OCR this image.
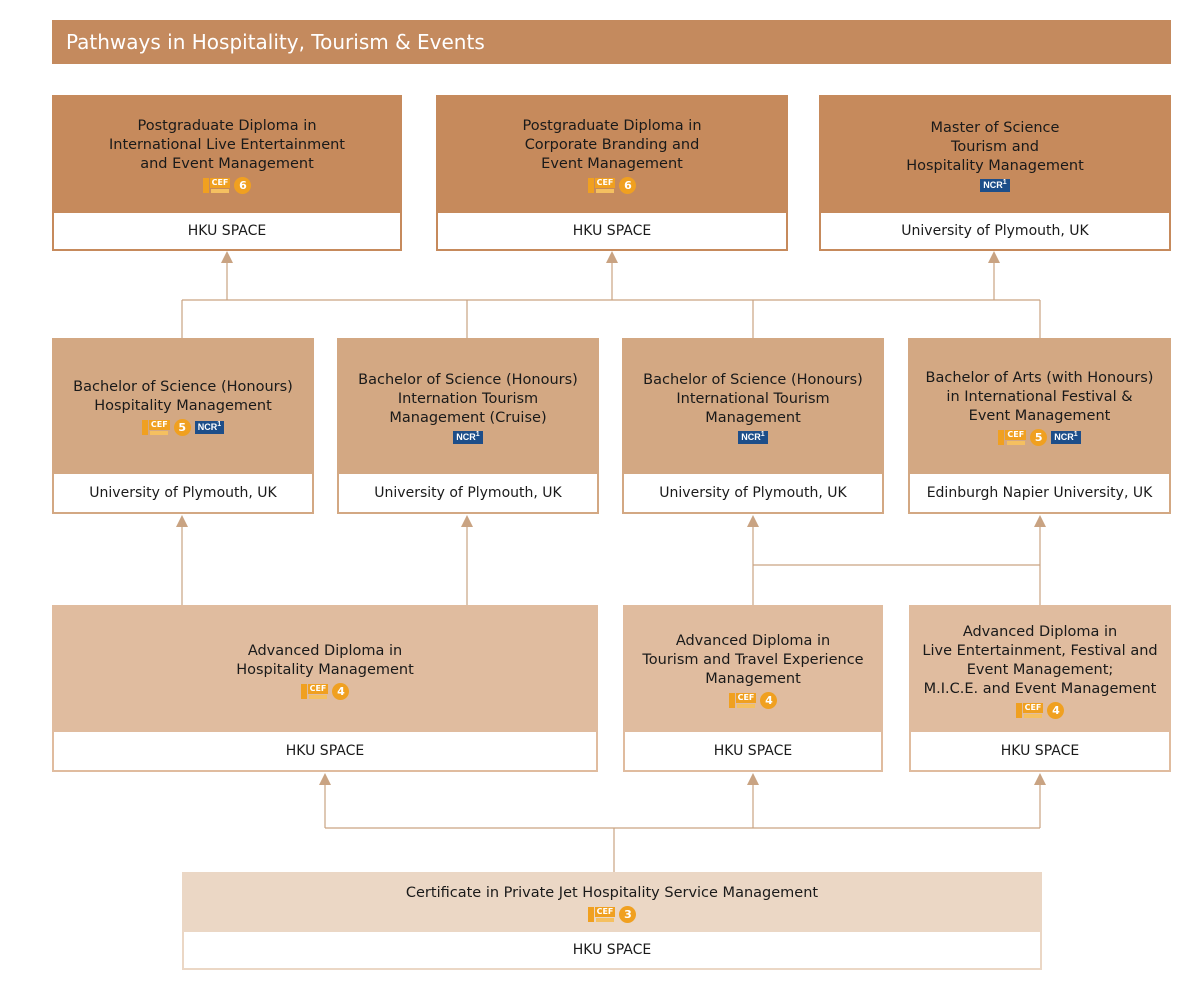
Pathways in Hospitality, Tourism & Events
Postgraduate Diploma in
International Live Entertainment
and Event Management
CEF 6
HKU SPACE
Postgraduate Diploma in
Corporate Branding and
Event Management
CEF 6
HKU SPACE
Master of Science
Tourism and
Hospitality Management
NCR$^1$
University of Plymouth, UK
Bachelor of Science (Honours)
Hospitality Management
CEF 5	NCR$^1$
University of Plymouth, UK
Bachelor of Science (Honours)
Internation Tourism
Management (Cruise)
NCR$^1$
University of Plymouth, UK
Bachelor of Science (Honours)
International Tourism
Management
NCR$^1$
University of Plymouth, UK
Bachelor of Arts (with Honours)
in International Festival &
Event Management
CEF 5	NCR$^1$
Edinburgh Napier University, UK
Advanced Diploma in
Hospitality Management
CEF 4
HKU SPACE
Advanced Diploma in
Tourism and Travel Experience
Management
CEF 4
HKU SPACE
Advanced Diploma in
Live Entertainment, Festival and
Event Management;
M.I.C.E. and Event Management
CEF 4
HKU SPACE
Certificate in Private Jet Hospitality Service Management
CEF 3
HKU SPACE
